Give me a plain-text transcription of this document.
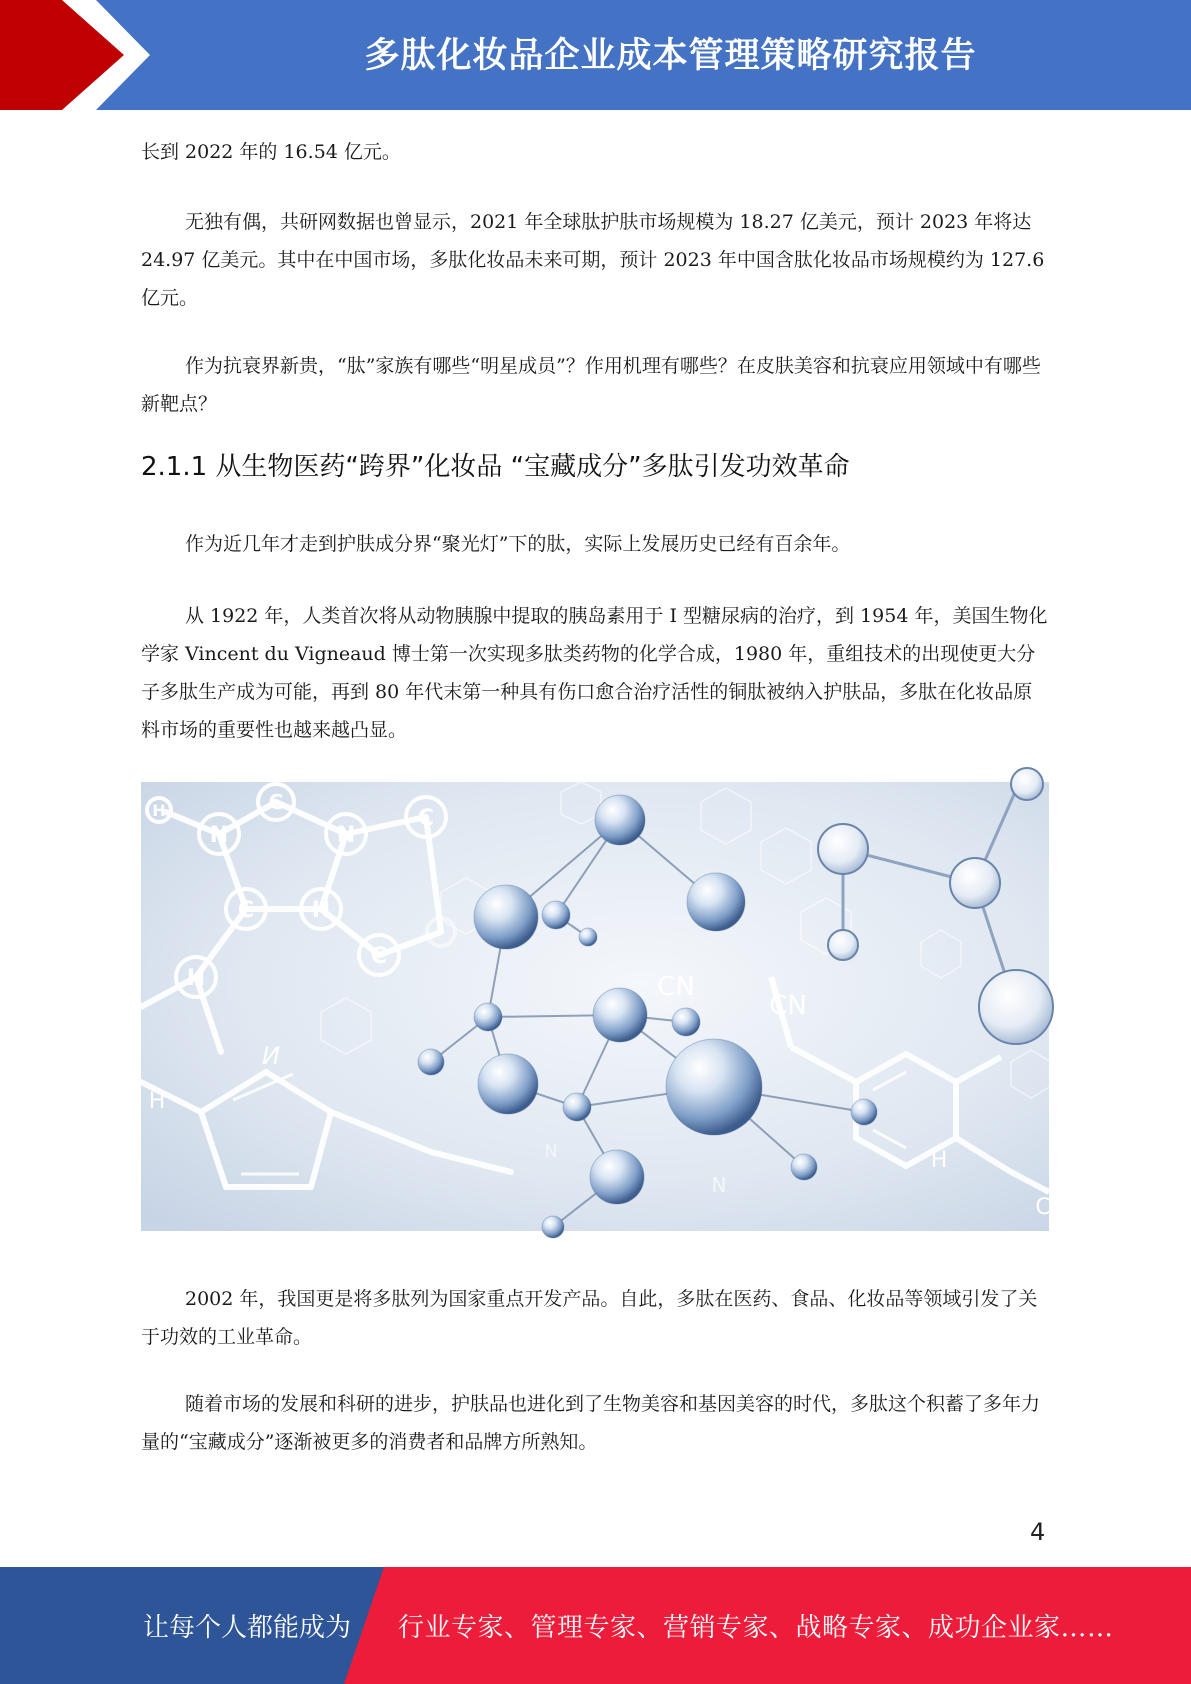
多肽化妆品企业成本管理策略研究报告

长到 2022 年的 16.54 亿元。

无独有偶，共研网数据也曾显示，2021 年全球肽护肤市场规模为 18.27 亿美元，预计 2023 年将达 24.97 亿美元。其中在中国市场，多肽化妆品未来可期，预计 2023 年中国含肽化妆品市场规模约为 127.6 亿元。

作为抗衰界新贵，“肽”家族有哪些“明星成员”？作用机理有哪些？在皮肤美容和抗衰应用领域中有哪些新靶点？

2.1.1 从生物医药“跨界”化妆品 “宝藏成分”多肽引发功效革命

作为近几年才走到护肤成分界“聚光灯”下的肽，实际上发展历史已经有百余年。

从 1922 年，人类首次将从动物胰腺中提取的胰岛素用于 I 型糖尿病的治疗，到 1954 年，美国生物化学家 Vincent du Vigneaud 博士第一次实现多肽类药物的化学合成，1980 年，重组技术的出现使更大分子多肽生产成为可能，再到 80 年代末第一种具有伤口愈合治疗活性的铜肽被纳入护肤品，多肽在化妆品原料市场的重要性也越来越凸显。

N	N
C
C
C
C
H
H
H
H
И
H
C
CN
CN
N
N

2002 年，我国更是将多肽列为国家重点开发产品。自此，多肽在医药、食品、化妆品等领域引发了关于功效的工业革命。

随着市场的发展和科研的进步，护肤品也进化到了生物美容和基因美容的时代，多肽这个积蓄了多年力量的“宝藏成分”逐渐被更多的消费者和品牌方所熟知。

4
让每个人都能成为 行业专家、管理专家、营销专家、战略专家、成功企业家……
